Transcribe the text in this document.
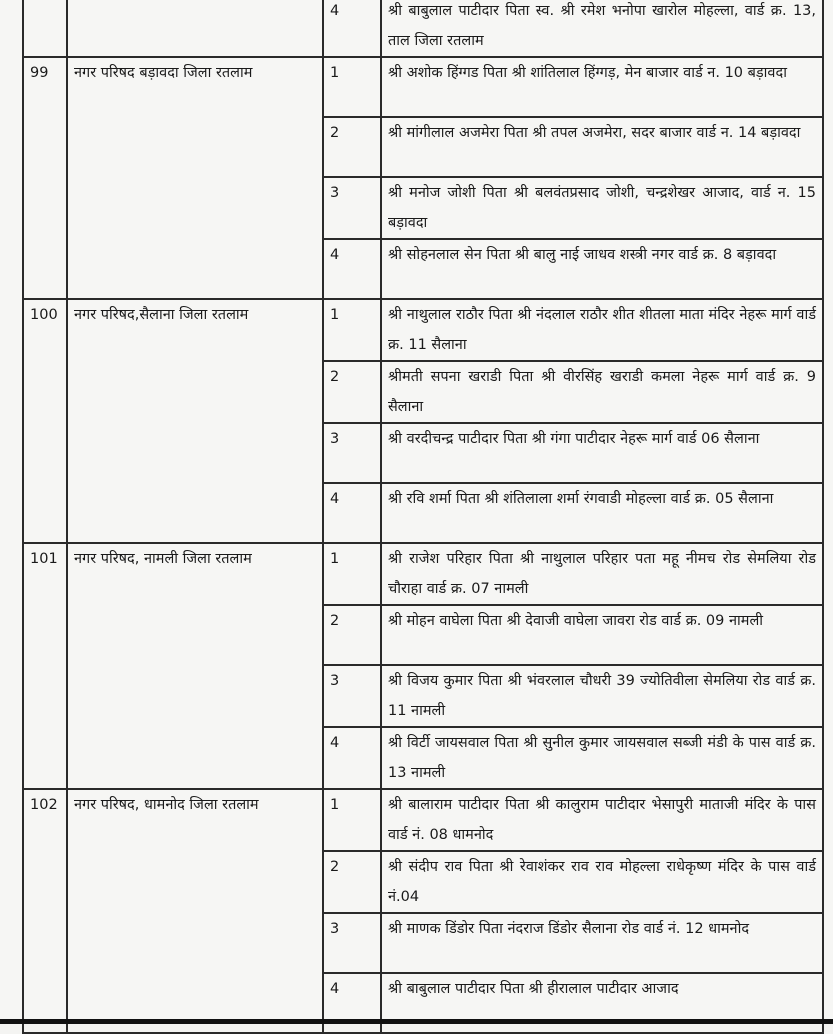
		4	श्री बाबुलाल पाटीदार पिता स्व. श्री रमेश भनोपा खारोल मोहल्ला, वार्ड क्र. 13, ताल जिला रतलाम
99	नगर परिषद बड़ावदा जिला रतलाम	1	श्री अशोक हिंग्गड पिता श्री शांतिलाल हिंग्गड़, मेन बाजार वार्ड न. 10 बड़ावदा
		2	श्री मांगीलाल अजमेरा पिता श्री तपल अजमेरा, सदर बाजार वार्ड न. 14 बड़ावदा
		3	श्री मनोज जोशी पिता श्री बलवंतप्रसाद जोशी, चन्द्रशेखर आजाद, वार्ड न. 15 बड़ावदा
		4	श्री सोहनलाल सेन पिता श्री बालु नाई जाधव शस्त्री नगर वार्ड क्र. 8 बड़ावदा
100	नगर परिषद,सैलाना जिला रतलाम	1	श्री नाथुलाल राठौर पिता श्री नंदलाल राठौर शीत शीतला माता मंदिर नेहरू मार्ग वार्ड क्र. 11 सैलाना
		2	श्रीमती सपना खराडी पिता श्री वीरसिंह खराडी कमला नेहरू मार्ग वार्ड क्र. 9 सैलाना
		3	श्री वरदीचन्द्र पाटीदार पिता श्री गंगा पाटीदार नेहरू मार्ग वार्ड 06 सैलाना
		4	श्री रवि शर्मा पिता श्री शंतिलाला शर्मा रंगवाडी मोहल्ला वार्ड क्र. 05 सैलाना
101	नगर परिषद, नामली जिला रतलाम	1	श्री राजेश परिहार पिता श्री नाथुलाल परिहार पता महू नीमच रोड सेमलिया रोड चौराहा वार्ड क्र. 07 नामली
		2	श्री मोहन वाघेला पिता श्री देवाजी वाघेला जावरा रोड वार्ड क्र. 09 नामली
		3	श्री विजय कुमार पिता श्री भंवरलाल चौधरी 39 ज्योतिवीला सेमलिया रोड वार्ड क्र. 11 नामली
		4	श्री विर्टी जायसवाल पिता श्री सुनील कुमार जायसवाल सब्जी मंडी के पास वार्ड क्र. 13 नामली
102	नगर परिषद, धामनोद जिला रतलाम	1	श्री बालाराम पाटीदार पिता श्री कालुराम पाटीदार भेसापुरी माताजी मंदिर के पास वार्ड नं. 08 धामनोद
		2	श्री संदीप राव पिता श्री रेवाशंकर राव राव मोहल्ला राधेकृष्ण मंदिर के पास वार्ड नं.04
		3	श्री माणक डिंडोर पिता नंदराज डिंडोर सैलाना रोड वार्ड नं. 12 धामनोद
		4	श्री बाबुलाल पाटीदार पिता श्री हीरालाल पाटीदार आजाद
